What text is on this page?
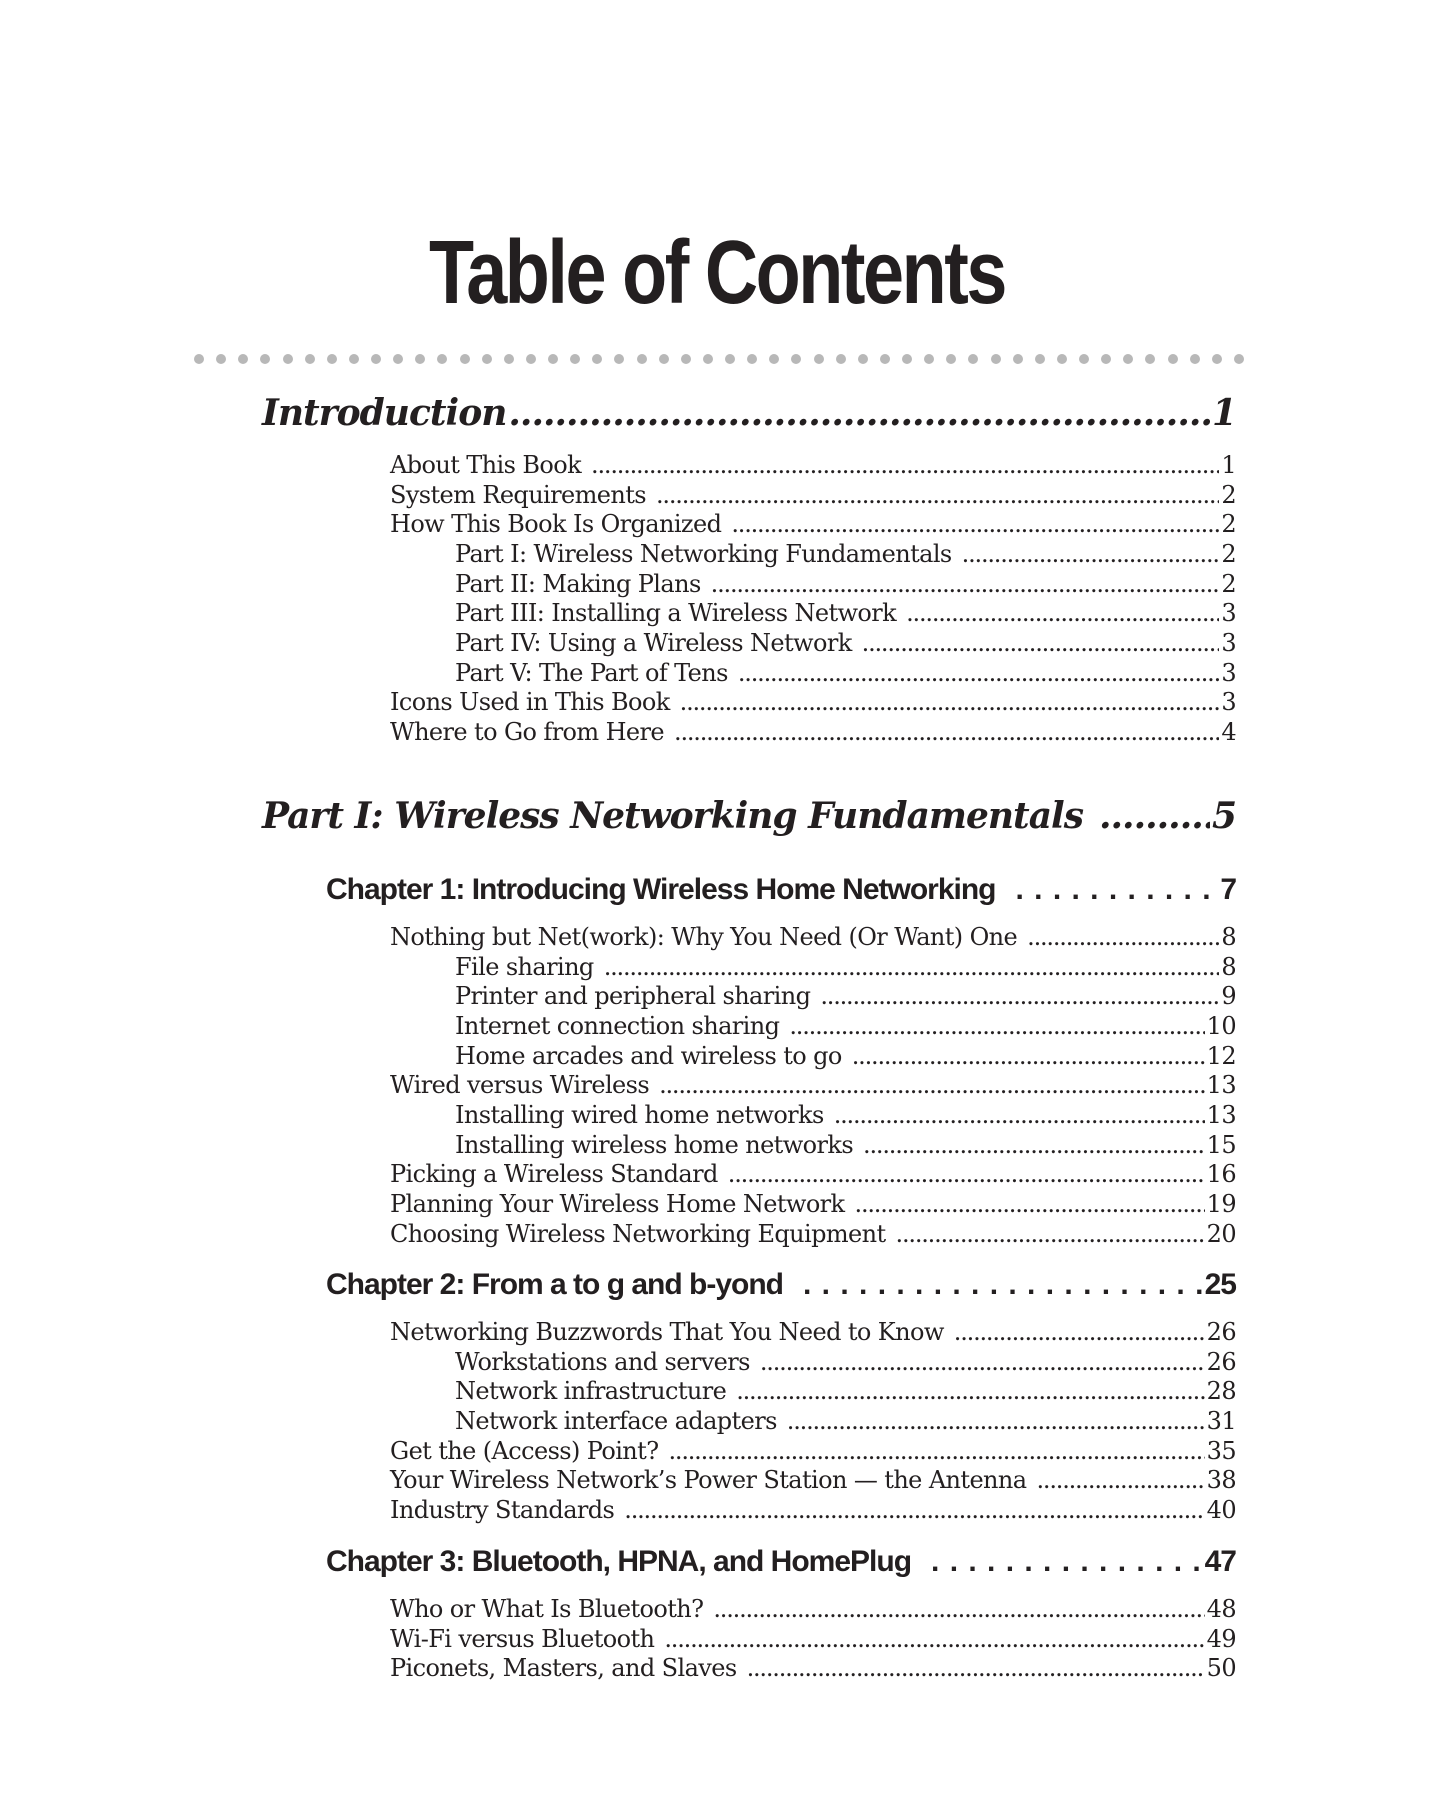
Table of Contents
Introduction .....	1
About This Book .....	1
System Requirements .....	2
How This Book Is Organized .....	2
Part I: Wireless Networking Fundamentals .....	2
Part II: Making Plans .....	2
Part III: Installing a Wireless Network .....	3
Part IV: Using a Wireless Network .....	3
Part V: The Part of Tens .....	3
Icons Used in This Book .....	3
Where to Go from Here .....	4
Part I: Wireless Networking Fundamentals .....	5
Chapter 1: Introducing Wireless Home Networking . . .	7
Nothing but Net(work): Why You Need (Or Want) One .....	8
File sharing .....	8
Printer and peripheral sharing .....	9
Internet connection sharing .....	10
Home arcades and wireless to go .....	12
Wired versus Wireless .....	13
Installing wired home networks .....	13
Installing wireless home networks .....	15
Picking a Wireless Standard .....	16
Planning Your Wireless Home Network .....	19
Choosing Wireless Networking Equipment .....	20
Chapter 2: From a to g and b-yond . . .	25
Networking Buzzwords That You Need to Know .....	26
Workstations and servers .....	26
Network infrastructure .....	28
Network interface adapters .....	31
Get the (Access) Point? .....	35
Your Wireless Network’s Power Station — the Antenna .....	38
Industry Standards .....	40
Chapter 3: Bluetooth, HPNA, and HomePlug . . .	47
Who or What Is Bluetooth? .....	48
Wi-Fi versus Bluetooth .....	49
Piconets, Masters, and Slaves .....	50
